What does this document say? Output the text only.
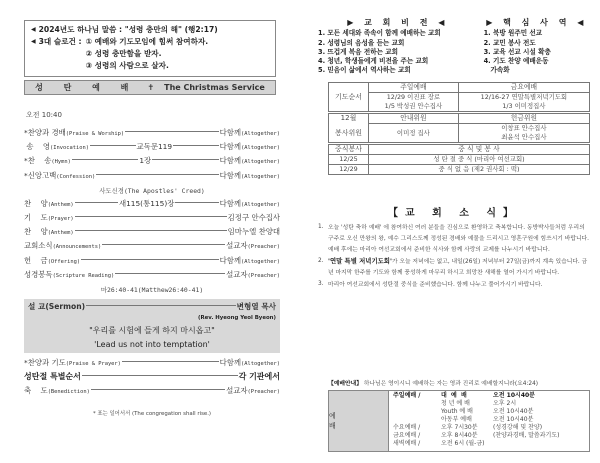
◀ 2024년도 하나님 말씀 :
"성령 충만의 해" (행2:17)
◀ 3대 슬로건 : ① 예배와 기도모임에 힘써 참여하자.
② 성령 충만함을 받자.
③ 성령의 사람으로 살자.
성 탄 예 배 ✝ The Christmas Service
오전 10:40
*찬양과 경배(Praise & Worship)	다함께(Altogether)
송    영(Invocation)	교독문119	다함께(Altogether)
*찬    송(Hymn)	1장	다함께(Altogether)
*신앙고백(Confession)	다함께(Altogether)
사도신경(The Apostles' Creed)
찬    양(Anthem)	새115(통115)장	다함께(Altogether)
기    도(Prayer)	김정구 안수집사
찬    양(Anthem)	임마누엘 찬양대
교회소식(Announcements)	설교자(Preacher)
헌    금(Offering)	다함께(Altogether)
성경봉독(Scripture Reading)	설교자(Preacher)
마26:40-41(Matthew26:40-41)
설 교(Sermon)	변형열 목사
(Rev. Hyeong Yeol Byeon)
"우리를 시험에 들게 하지 마시옵고"
'Lead us not into temptation'
*찬양과 기도(Praise & Prayer)	다함께(Altogether)
성탄절 특별순서	각 기관에서
축    도(Benediction)	설교자(Preacher)
* 표는 일어서서 (The congregation shall rise.)
▶ 교 회 비 전 ◀
1. 모든 세대와 족속이 함께 예배하는 교회
2. 성령님의 음성을 듣는 교회
3. 뜨겁게 복음 전하는 교회
4. 청년, 학생들에게 비전을 주는 교회
5. 믿음이 삶에서 역사하는 교회
▶ 핵 심 사 역 ◀
1. 북방 원주민 선교
2. 교민 봉사 전도
3. 교육 선교 시설 확충
4. 기도 찬양 예배운동
가속화
기도순서	주일예배	금요예배
	12/29 이진표 장로	12/16-27 연말특별저녁기도회
	1/5 박성권 안수집사	1/3 이미정집사

12월	안내위원	헌금위원
봉사위원	이미정 집사	이창표 안수집사
최윤석 안수집사

중식봉사	중 식 및 봉 사	
12/25	성 탄 절 중 식 (마리아 여선교회)	
12/29	중 식 없 음 (제2 권사회 : 떡)	
【교 회 소 식】
1. 오늘 '성탄 축하 예배' 에 참여하신 여러 분들을 진심으로 환영하고 축복합니다. 동방박사들처럼 우리의 구주로 오신 만왕의 왕, 예수 그리스도께 정성된 경배와 예물을 드리시고 영혼구원에 힘쓰시기 바랍니다. 예배 후에는 마리아 여선교회에서 준비한 식사와 함께 사랑의 교제를 나누시기 바랍니다.
2. '연말 특별 저녁기도회'가 오늘 저녁에는 없고, 내일(26일) 저녁부터 27일(금)까지 계속 있습니다. 금년 마지막 한주를 기도와 함께 풍성하게 마무리 하시고 희망찬 새해를 열어 가시기 바랍니다.
3. 마리아 여선교회에서 성탄절 중식을 준비했습니다. 함께 나누고 풀어가시기 바랍니다.
【예배안내】 하나님은 영이시니 예배하는 자는 영과 진리로 예배할지니라(요4:24)
예 배
주일예배 /	대  예  배	오전 10시40분
청 년 예 배	오후 2시
Youth 예 배	오전 10시40분
아동부 예배	오전 10시40분
수요예배 /	오후 7시30분	(성경강해 및 찬양)
금요예배 /	오후 8시40분	(찬양과경배, 말씀과기도)
새벽예배 /	오전 6시 (월-금)
